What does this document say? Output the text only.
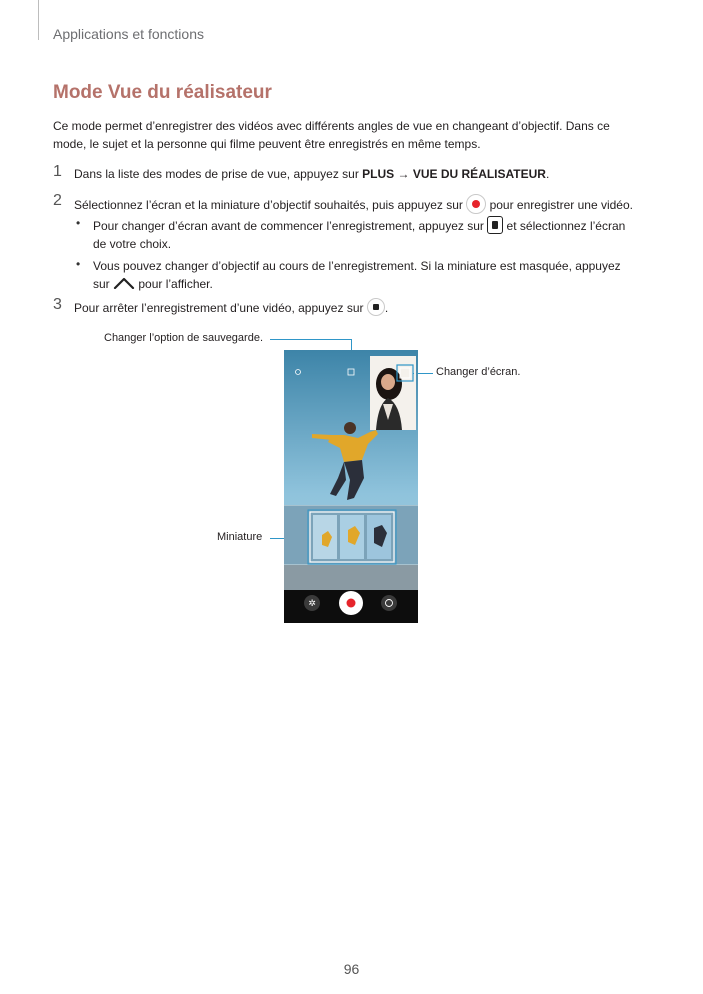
Applications et fonctions
Mode Vue du réalisateur
Ce mode permet d’enregistrer des vidéos avec différents angles de vue en changeant d’objectif. Dans ce
mode, le sujet et la personne qui filme peuvent être enregistrés en même temps.
1 Dans la liste des modes de prise de vue, appuyez sur PLUS → VUE DU RÉALISATEUR.
2 Sélectionnez l’écran et la miniature d’objectif souhaités, puis appuyez sur  pour enregistrer une vidéo.
• Pour changer d’écran avant de commencer l’enregistrement, appuyez sur  et sélectionnez l’écran
de votre choix.
• Vous pouvez changer d’objectif au cours de l’enregistrement. Si la miniature est masquée, appuyez
sur  pour l’afficher.
3 Pour arrêter l’enregistrement d’une vidéo, appuyez sur .
Changer l’option de sauvegarde.
Changer d’écran.
Miniature
✲
96
